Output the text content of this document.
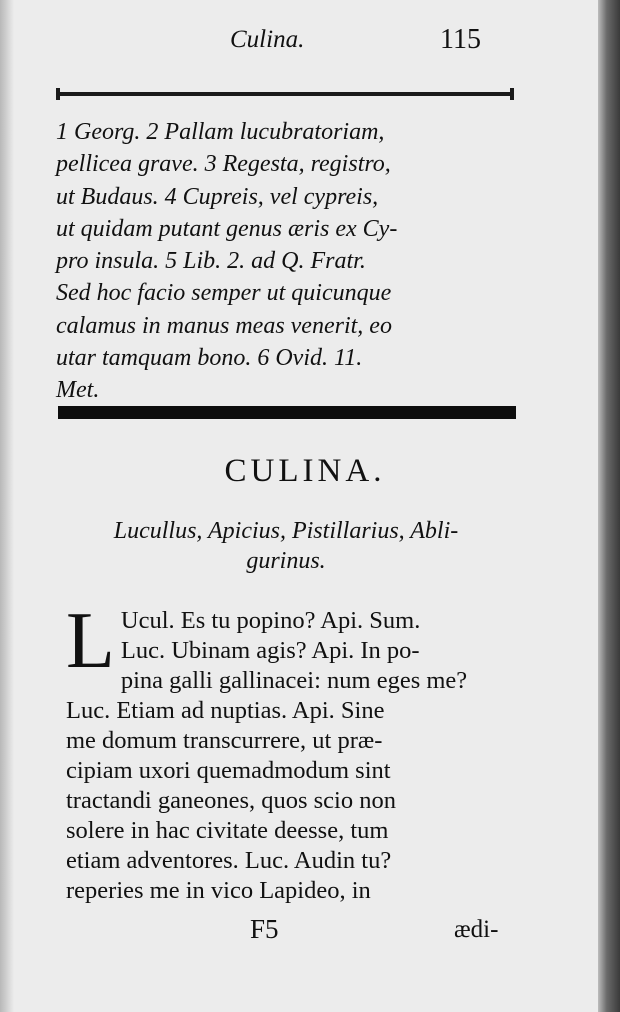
Culina.	115
1 Georg. 2 Pallam lucubratoriam,
pellicea grave. 3 Regesta, registro,
ut Budaus. 4 Cupreis, vel cypreis,
ut quidam putant genus æris ex Cy-
pro insula. 5 Lib. 2. ad Q. Fratr.
Sed hoc facio semper ut quicunque
calamus in manus meas venerit, eo
utar tamquam bono. 6 Ovid. 11.
Met.
CULINA.
Lucullus, Apicius, Pistillarius, Abli-
gurinus.
L Ucul. Es tu popino? Api. Sum.
Luc. Ubinam agis? Api. In po-
pina galli gallinacei: num eges me?
Luc. Etiam ad nuptias. Api. Sine
me domum transcurrere, ut præ-
cipiam uxori quemadmodum sint
tractandi ganeones, quos scio non
solere in hac civitate deesse, tum
etiam adventores. Luc. Audin tu?
reperies me in vico Lapideo, in
F5	ædi-
